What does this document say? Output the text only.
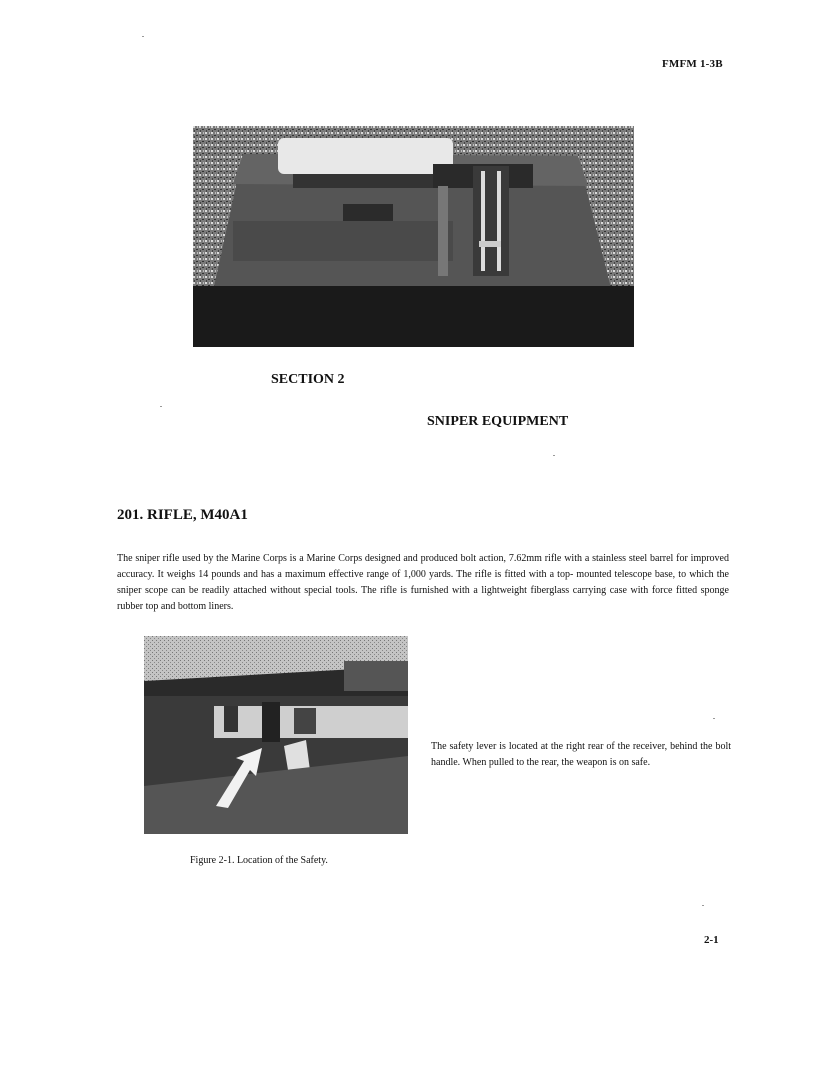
FMFM 1-3B
SECTION 2
SNIPER EQUIPMENT
201. RIFLE, M40A1
The sniper rifle used by the Marine Corps is a Marine Corps designed and produced bolt action, 7.62mm rifle with a stainless steel barrel for improved accuracy. It weighs 14 pounds and has a maximum effective range of 1,000 yards. The rifle is fitted with a top- mounted telescope base, to which the sniper scope can be readily attached without special tools. The rifle is furnished with a lightweight fiberglass carrying case with force fitted sponge rubber top and bottom liners.
The safety lever is located at the right rear of the receiver, behind the bolt handle. When pulled to the rear, the weapon is on safe.
Figure 2-1. Location of the Safety.
2-1
